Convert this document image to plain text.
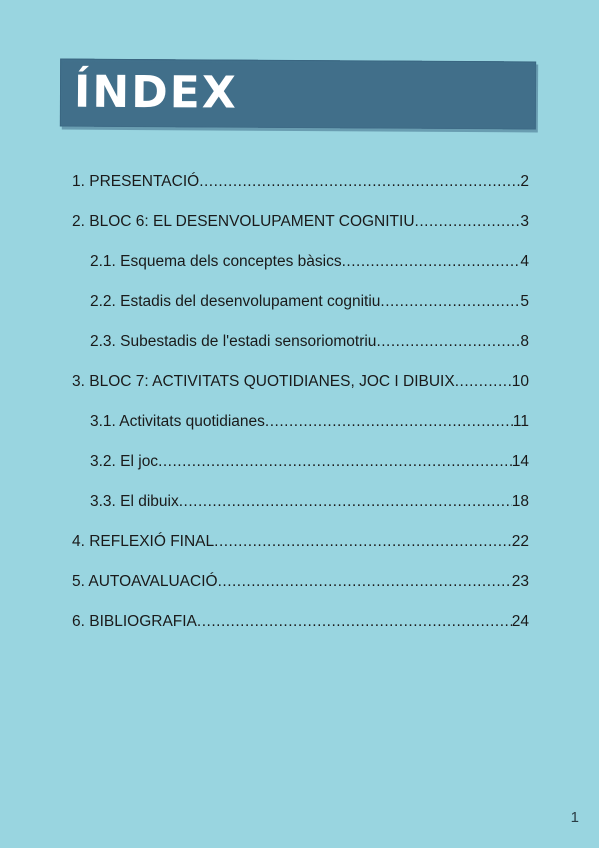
ÍNDEX
1. PRESENTACIÓ .....	2
2. BLOC 6: EL DESENVOLUPAMENT COGNITIU .....	3
2.1. Esquema dels conceptes bàsics .....	4
2.2. Estadis del desenvolupament cognitiu .....	5
2.3. Subestadis de l'estadi sensoriomotriu .....	8
3. BLOC 7: ACTIVITATS QUOTIDIANES, JOC I DIBUIX .....	10
3.1. Activitats quotidianes .....	11
3.2. El joc .....	14
3.3. El dibuix .....	18
4. REFLEXIÓ FINAL .....	22
5. AUTOAVALUACIÓ .....	23
6. BIBLIOGRAFIA .....	24
1
